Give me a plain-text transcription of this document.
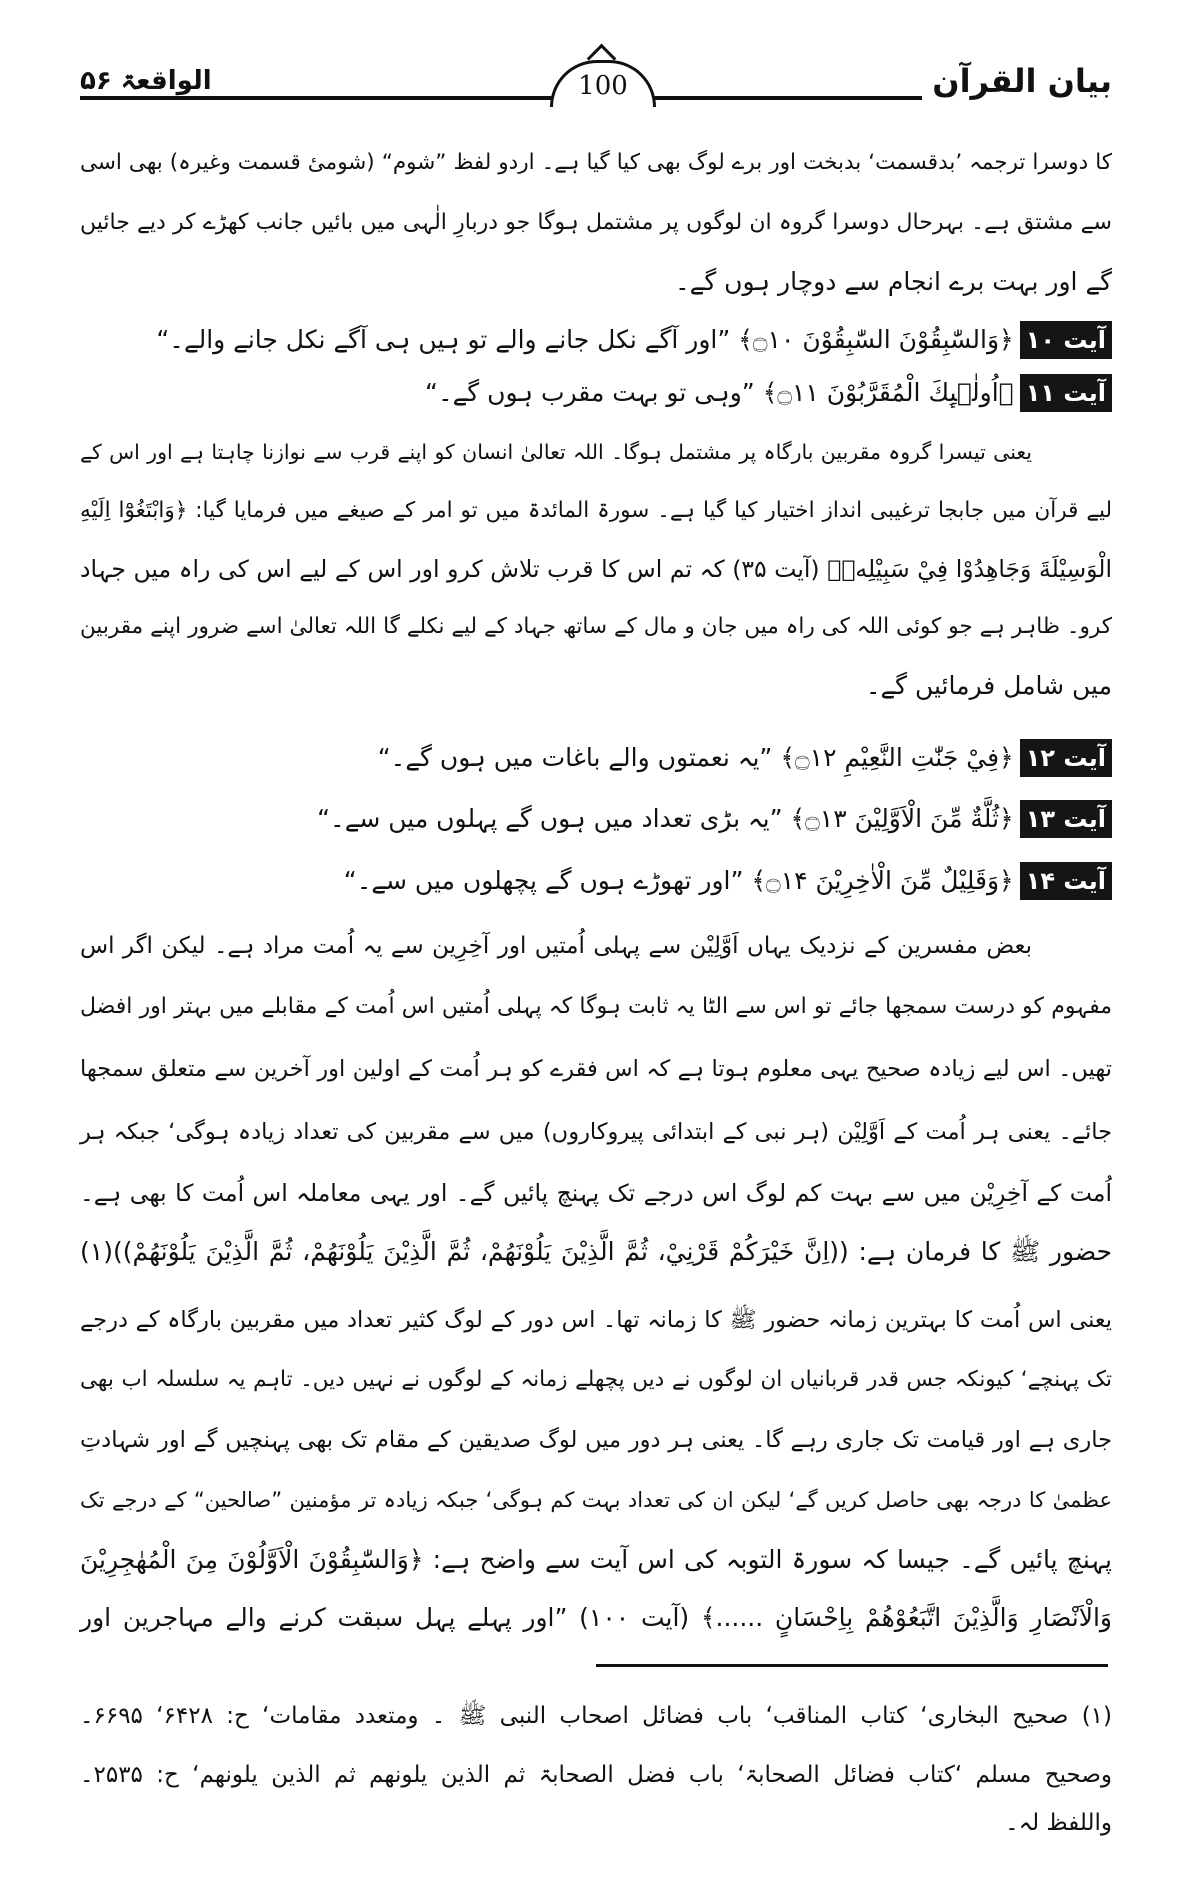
بیان القرآن
الواقعۃ ۵۶	100
کا دوسرا ترجمہ ’بدقسمت‘ بدبخت اور برے لوگ بھی کیا گیا ہے۔ اردو لفظ ”شوم“ (شومیٔ قسمت وغیرہ) بھی اسی
سے مشتق ہے۔ بہرحال دوسرا گروہ ان لوگوں پر مشتمل ہوگا جو دربارِ الٰہی میں بائیں جانب کھڑے کر دیے جائیں
گے اور بہت برے انجام سے دوچار ہوں گے۔
آیت ۱۰﴿وَالسّٰبِقُوْنَ السّٰبِقُوْنَ ۝۱۰﴾ ”اور آگے نکل جانے والے تو ہیں ہی آگے نکل جانے والے۔“
آیت ۱۱﴿اُولٰۗىِٕكَ الْمُقَرَّبُوْنَ ۝۱۱﴾ ”وہی تو بہت مقرب ہوں گے۔“
یعنی تیسرا گروہ مقربین بارگاہ پر مشتمل ہوگا۔ اللہ تعالیٰ انسان کو اپنے قرب سے نوازنا چاہتا ہے اور اس کے
لیے قرآن میں جابجا ترغیبی انداز اختیار کیا گیا ہے۔ سورۃ المائدۃ میں تو امر کے صیغے میں فرمایا گیا: ﴿وَابْتَغُوْٓا اِلَيْهِ
الْوَسِيْلَةَ وَجَاهِدُوْا فِيْ سَبِيْلِهٖ﴾ (آیت ۳۵) کہ تم اس کا قرب تلاش کرو اور اس کے لیے اس کی راہ میں جہاد
کرو۔ ظاہر ہے جو کوئی اللہ کی راہ میں جان و مال کے ساتھ جہاد کے لیے نکلے گا اللہ تعالیٰ اسے ضرور اپنے مقربین
میں شامل فرمائیں گے۔
آیت ۱۲﴿فِيْ جَنّٰتِ النَّعِيْمِ ۝۱۲﴾ ”یہ نعمتوں والے باغات میں ہوں گے۔“
آیت ۱۳﴿ثُلَّةٌ مِّنَ الْاَوَّلِيْنَ ۝۱۳﴾ ”یہ بڑی تعداد میں ہوں گے پہلوں میں سے۔“
آیت ۱۴﴿وَقَلِيْلٌ مِّنَ الْاٰخِرِيْنَ ۝۱۴﴾ ”اور تھوڑے ہوں گے پچھلوں میں سے۔“
بعض مفسرین کے نزدیک یہاں اَوَّلِیْن سے پہلی اُمتیں اور آخِرِین سے یہ اُمت مراد ہے۔ لیکن اگر اس
مفہوم کو درست سمجھا جائے تو اس سے الٹا یہ ثابت ہوگا کہ پہلی اُمتیں اس اُمت کے مقابلے میں بہتر اور افضل
تھیں۔ اس لیے زیادہ صحیح یہی معلوم ہوتا ہے کہ اس فقرے کو ہر اُمت کے اولین اور آخرین سے متعلق سمجھا
جائے۔ یعنی ہر اُمت کے اَوَّلِیْن (ہر نبی کے ابتدائی پیروکاروں) میں سے مقربین کی تعداد زیادہ ہوگی‘ جبکہ ہر
اُمت کے آخِرِیْن میں سے بہت کم لوگ اس درجے تک پہنچ پائیں گے۔ اور یہی معاملہ اس اُمت کا بھی ہے۔
حضور ﷺ کا فرمان ہے: ((اِنَّ خَيْرَكُمْ قَرْنِيْ، ثُمَّ الَّذِيْنَ يَلُوْنَهُمْ، ثُمَّ الَّذِيْنَ يَلُوْنَهُمْ، ثُمَّ الَّذِيْنَ يَلُوْنَهُمْ))(۱)
یعنی اس اُمت کا بہترین زمانہ حضور ﷺ کا زمانہ تھا۔ اس دور کے لوگ کثیر تعداد میں مقربین بارگاہ کے درجے
تک پہنچے‘ کیونکہ جس قدر قربانیاں ان لوگوں نے دیں پچھلے زمانہ کے لوگوں نے نہیں دیں۔ تاہم یہ سلسلہ اب بھی
جاری ہے اور قیامت تک جاری رہے گا۔ یعنی ہر دور میں لوگ صدیقین کے مقام تک بھی پہنچیں گے اور شہادتِ
عظمیٰ کا درجہ بھی حاصل کریں گے‘ لیکن ان کی تعداد بہت کم ہوگی‘ جبکہ زیادہ تر مؤمنین ”صالحین“ کے درجے تک
پہنچ پائیں گے۔ جیسا کہ سورۃ التوبہ کی اس آیت سے واضح ہے: ﴿وَالسّٰبِقُوْنَ الْاَوَّلُوْنَ مِنَ الْمُهٰجِرِيْنَ
وَالْاَنْصَارِ وَالَّذِيْنَ اتَّبَعُوْهُمْ بِاِحْسَانٍ ......﴾ (آیت ۱۰۰) ”اور پہلے پہل سبقت کرنے والے مہاجرین اور
(۱) صحیح البخاری‘ کتاب المناقب‘ باب فضائل اصحاب النبی ﷺ ۔ ومتعدد مقامات‘ ح: ۶۴۲۸‘ ۶۶۹۵۔
وصحیح مسلم ‘کتاب فضائل الصحابۃ‘ باب فضل الصحابۃ ثم الذین یلونھم ثم الذین یلونھم‘ ح: ۲۵۳۵۔
واللفظ لہ۔
